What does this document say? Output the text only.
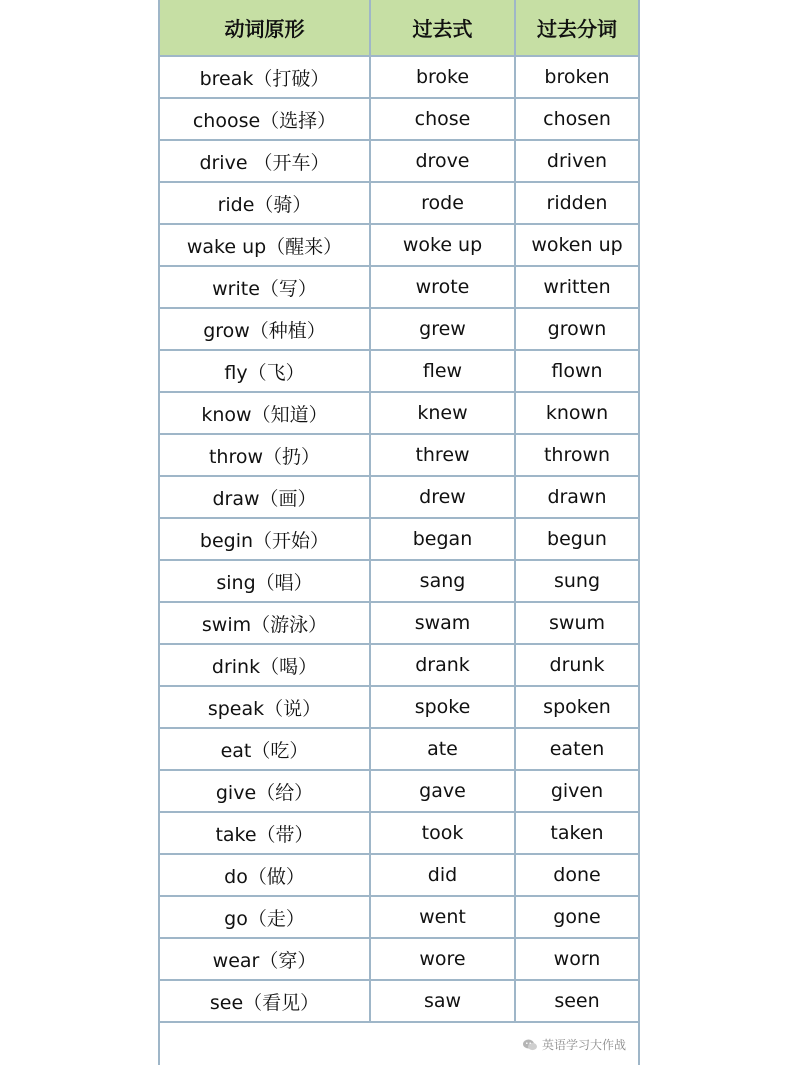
动词原形	过去式	过去分词
break（打破）	broke	broken
choose（选择）	chose	chosen
drive （开车）	drove	driven
ride（骑）	rode	ridden
wake up（醒来）	woke up	woken up
write（写）	wrote	written
grow（种植）	grew	grown
fly（飞）	flew	flown
know（知道）	knew	known
throw（扔）	threw	thrown
draw（画）	drew	drawn
begin（开始）	began	begun
sing（唱）	sang	sung
swim（游泳）	swam	swum
drink（喝）	drank	drunk
speak（说）	spoke	spoken
eat（吃）	ate	eaten
give（给）	gave	given
take（带）	took	taken
do（做）	did	done
go（走）	went	gone
wear（穿）	wore	worn
see（看见）	saw	seen
英语学习大作战
